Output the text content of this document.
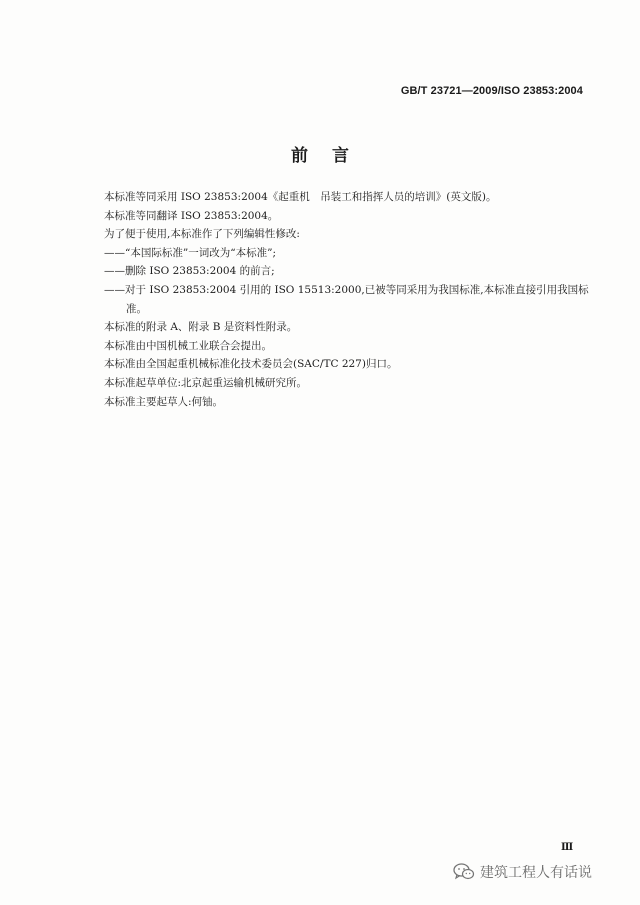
GB/T 23721—2009/ISO 23853:2004
前言

本标准等同采用 ISO 23853:2004《起重机　吊装工和指挥人员的培训》(英文版)。

本标准等同翻译 ISO 23853:2004。

为了便于使用,本标准作了下列编辑性修改:

——“本国际标准”一词改为“本标准”;

——删除 ISO 23853:2004 的前言;

——对于 ISO 23853:2004 引用的 ISO 15513:2000,已被等同采用为我国标准,本标准直接引用我国标准。

本标准的附录 A、附录 B 是资料性附录。

本标准由中国机械工业联合会提出。

本标准由全国起重机械标准化技术委员会(SAC/TC 227)归口。

本标准起草单位:北京起重运输机械研究所。

本标准主要起草人:何铀。

Ⅲ
建筑工程人有话说
